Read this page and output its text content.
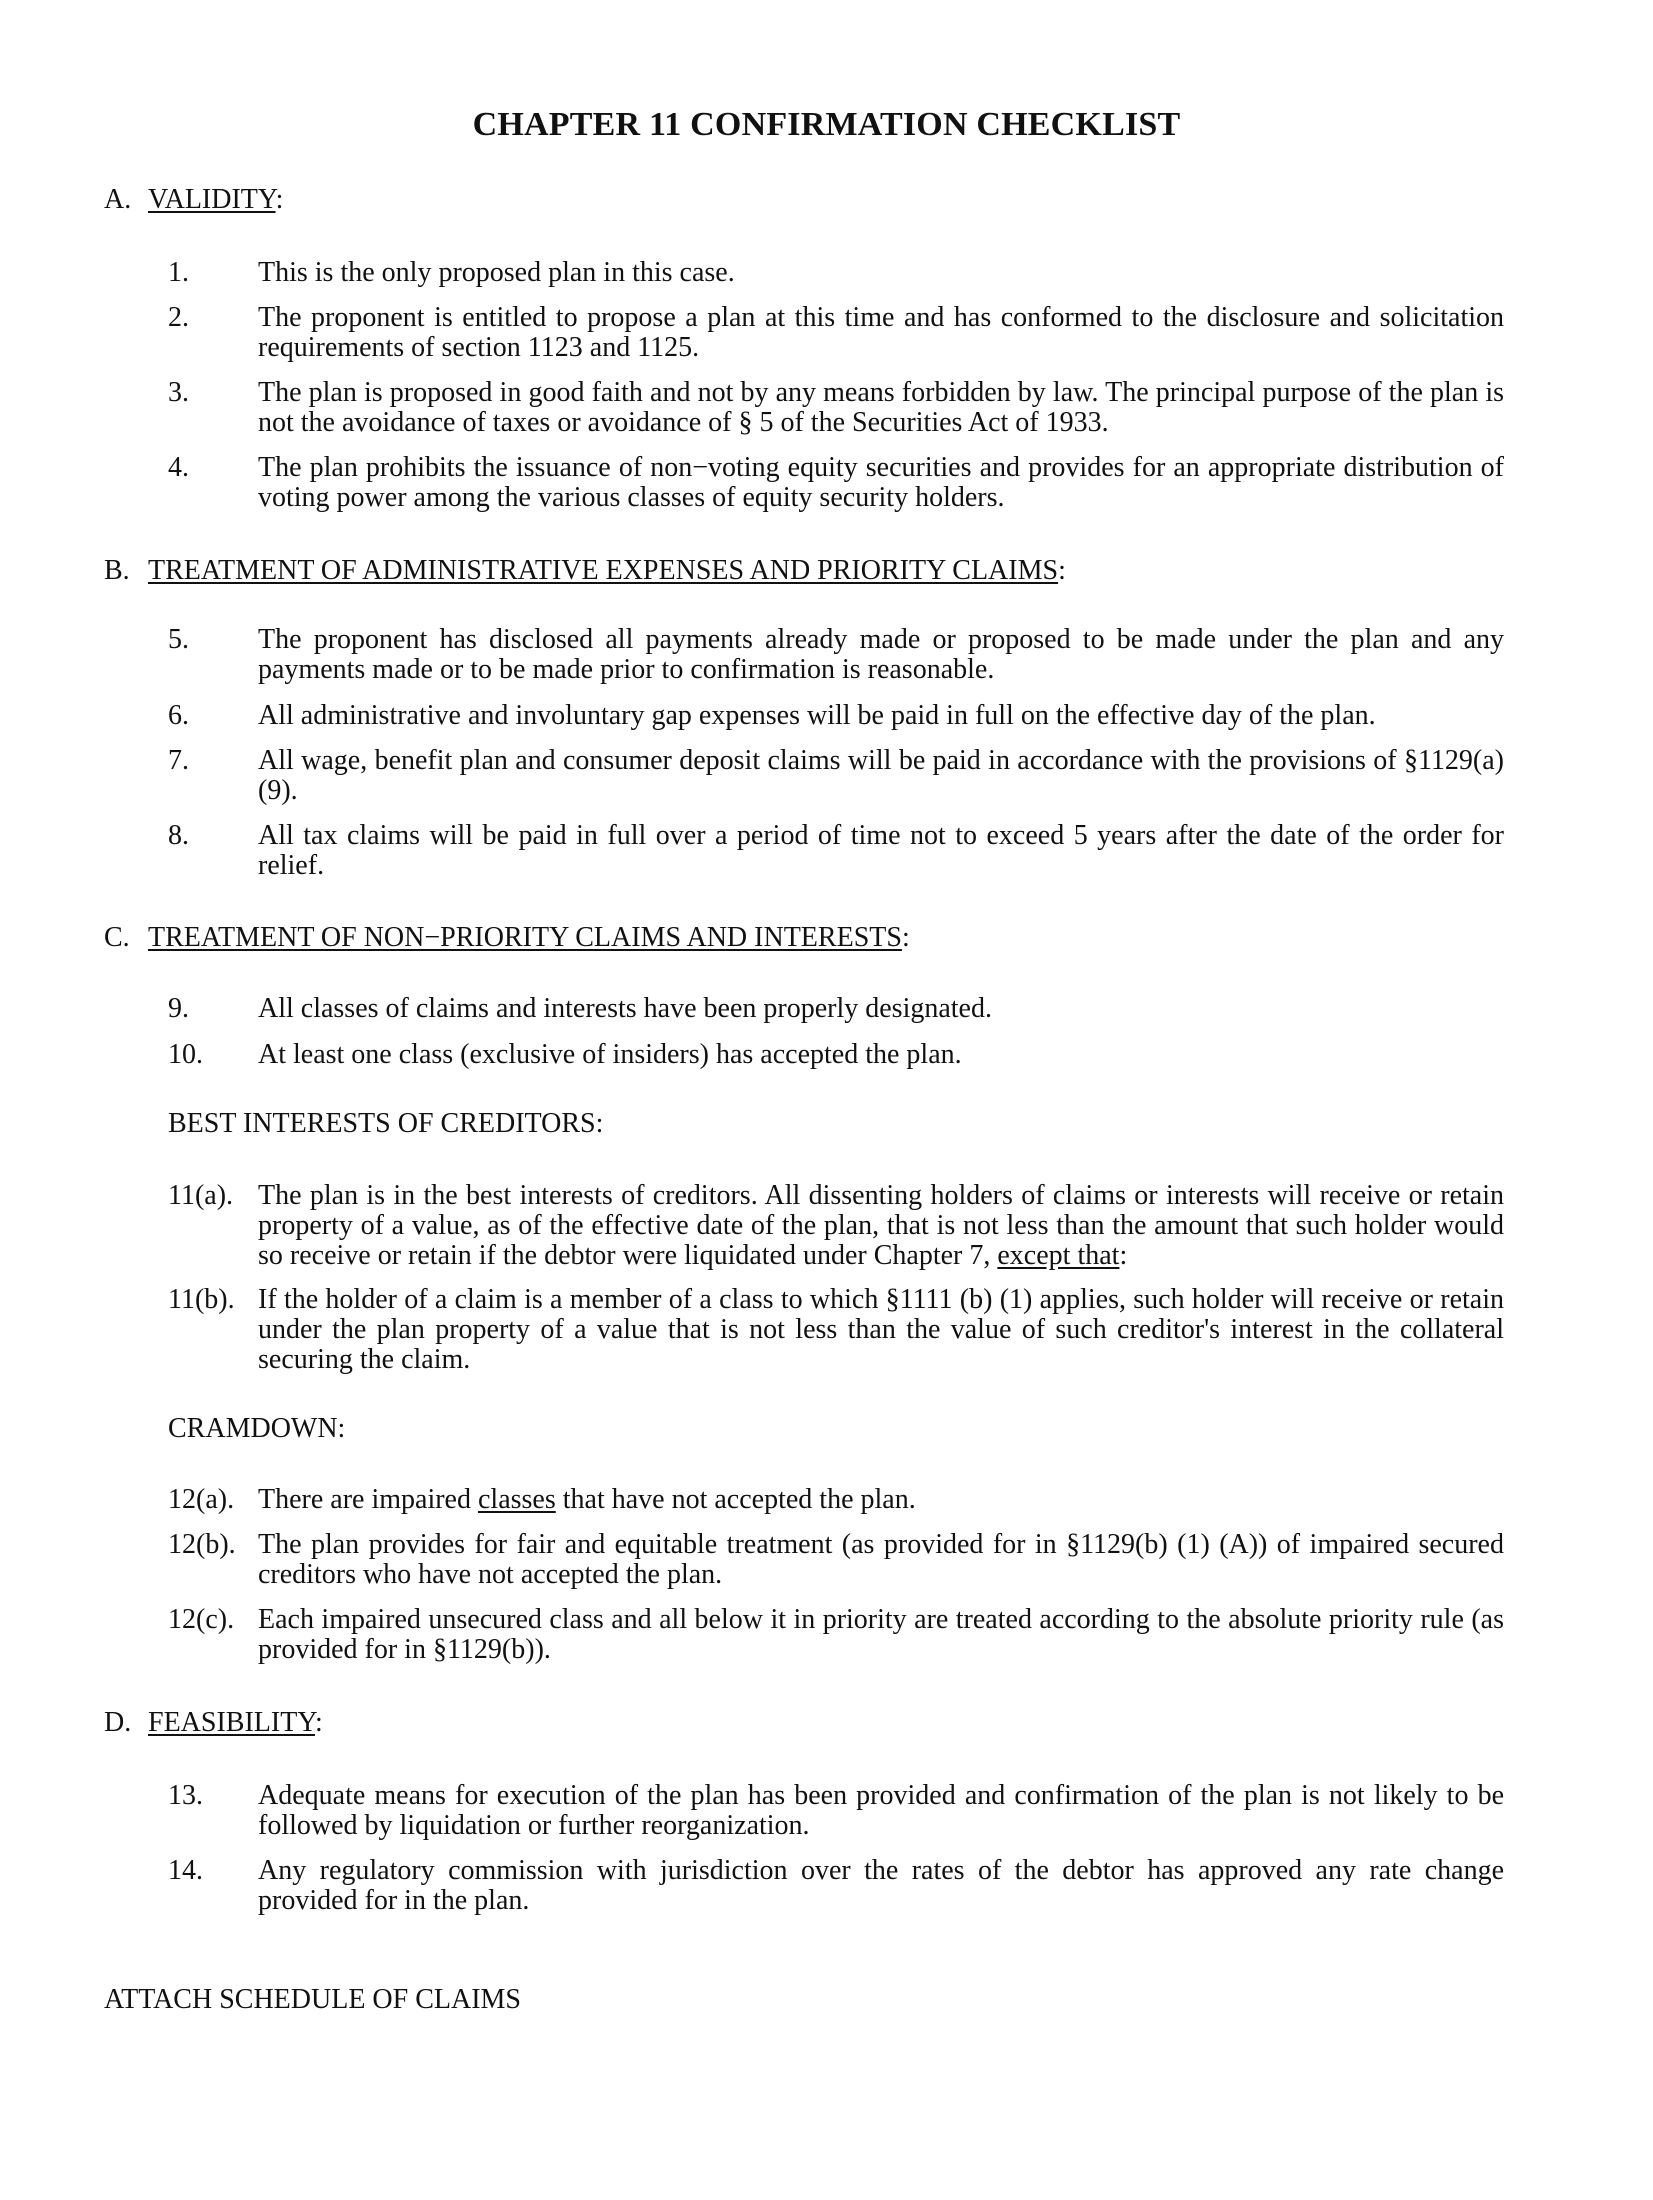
CHAPTER 11 CONFIRMATION CHECKLIST
A. VALIDITY:
1.	This is the only proposed plan in this case.
2.	The proponent is entitled to propose a plan at this time and has conformed to the disclosure and solicitation requirements of section 1123 and 1125.
3.	The plan is proposed in good faith and not by any means forbidden by law. The principal purpose of the plan is not the avoidance of taxes or avoidance of § 5 of the Securities Act of 1933.
4.	The plan prohibits the issuance of non−voting equity securities and provides for an appropriate distribution of voting power among the various classes of equity security holders.
B. TREATMENT OF ADMINISTRATIVE EXPENSES AND PRIORITY CLAIMS:
5.	The proponent has disclosed all payments already made or proposed to be made under the plan and any payments made or to be made prior to confirmation is reasonable.
6.	All administrative and involuntary gap expenses will be paid in full on the effective day of the plan.
7.	All wage, benefit plan and consumer deposit claims will be paid in accordance with the provisions of §1129(a) (9).
8.	All tax claims will be paid in full over a period of time not to exceed 5 years after the date of the order for relief.
C. TREATMENT OF NON−PRIORITY CLAIMS AND INTERESTS:
9.	All classes of claims and interests have been properly designated.
10.	At least one class (exclusive of insiders) has accepted the plan.
BEST INTERESTS OF CREDITORS:
11(a). The plan is in the best interests of creditors. All dissenting holders of claims or interests will receive or retain property of a value, as of the effective date of the plan, that is not less than the amount that such holder would so receive or retain if the debtor were liquidated under Chapter 7, except that:
11(b). If the holder of a claim is a member of a class to which §1111 (b) (1) applies, such holder will receive or retain under the plan property of a value that is not less than the value of such creditor's interest in the collateral securing the claim.
CRAMDOWN:
12(a). There are impaired classes that have not accepted the plan.
12(b). The plan provides for fair and equitable treatment (as provided for in §1129(b) (1) (A)) of impaired secured creditors who have not accepted the plan.
12(c). Each impaired unsecured class and all below it in priority are treated according to the absolute priority rule (as provided for in §1129(b)).
D. FEASIBILITY:
13.	Adequate means for execution of the plan has been provided and confirmation of the plan is not likely to be followed by liquidation or further reorganization.
14.	Any regulatory commission with jurisdiction over the rates of the debtor has approved any rate change provided for in the plan.
ATTACH SCHEDULE OF CLAIMS
